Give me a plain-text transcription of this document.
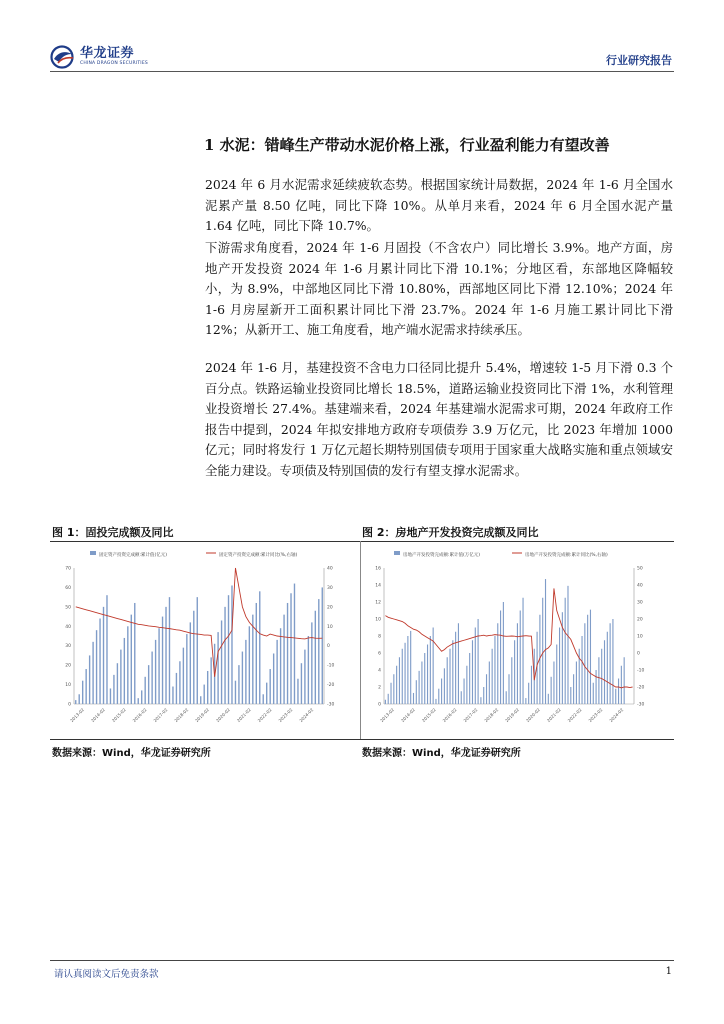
华龙证券
CHINA DRAGON SECURITIES	行业研究报告
1 水泥：错峰生产带动水泥价格上涨，行业盈利能力有望改善

2024 年 6 月水泥需求延续疲软态势。根据国家统计局数据，2024 年 1-6 月全国水泥累产量 8.50 亿吨，同比下降 10%。从单月来看，2024 年 6 月全国水泥产量 1.64 亿吨，同比下降 10.7%。

下游需求角度看，2024 年 1-6 月固投（不含农户）同比增长 3.9%。地产方面，房地产开发投资 2024 年 1-6 月累计同比下滑 10.1%；分地区看，东部地区降幅较小，为 8.9%，中部地区同比下滑 10.80%，西部地区同比下滑 12.10%；2024 年 1-6 月房屋新开工面积累计同比下滑 23.7%。2024 年 1-6 月施工累计同比下滑 12%；从新开工、施工角度看，地产端水泥需求持续承压。

2024 年 1-6 月，基建投资不含电力口径同比提升 5.4%，增速较 1-5 月下滑 0.3 个百分点。铁路运输业投资同比增长 18.5%，道路运输业投资同比下滑 1%，水利管理业投资增长 27.4%。基建端来看，2024 年基建端水泥需求可期，2024 年政府工作报告中提到，2024 年拟安排地方政府专项债券 3.9 万亿元，比 2023 年增加 1000 亿元；同时将发行 1 万亿元超长期特别国债专项用于国家重大战略实施和重点领域安全能力建设。专项债及特别国债的发行有望支撑水泥需求。

图 1：固投完成额及同比	图 2：房地产开发投资完成额及同比
固定资产投资完成额:累计值(亿元)	固定资产投资完成额:累计同比(%,右轴)
0
10
20
30
40
50
60
70
-30
-20
-10
0
10
20
30
40
2013-02 2014-02 2015-02 2016-02 2017-02 2018-02 2019-02 2020-02 2021-02 2022-02 2023-02 2024-02
房地产开发投资完成额:累计值(万亿元)	房地产开发投资完成额:累计同比(%,右轴)
0
2
4
6
8
10
12
14
16
-30
-20
-10
0
10
20
30
40
50
2013-02 2014-02 2015-02 2016-02 2017-02 2018-02 2019-02 2020-02 2021-02 2022-02 2023-02 2024-02
数据来源：Wind，华龙证券研究所	数据来源：Wind，华龙证券研究所
请认真阅读文后免责条款	1
